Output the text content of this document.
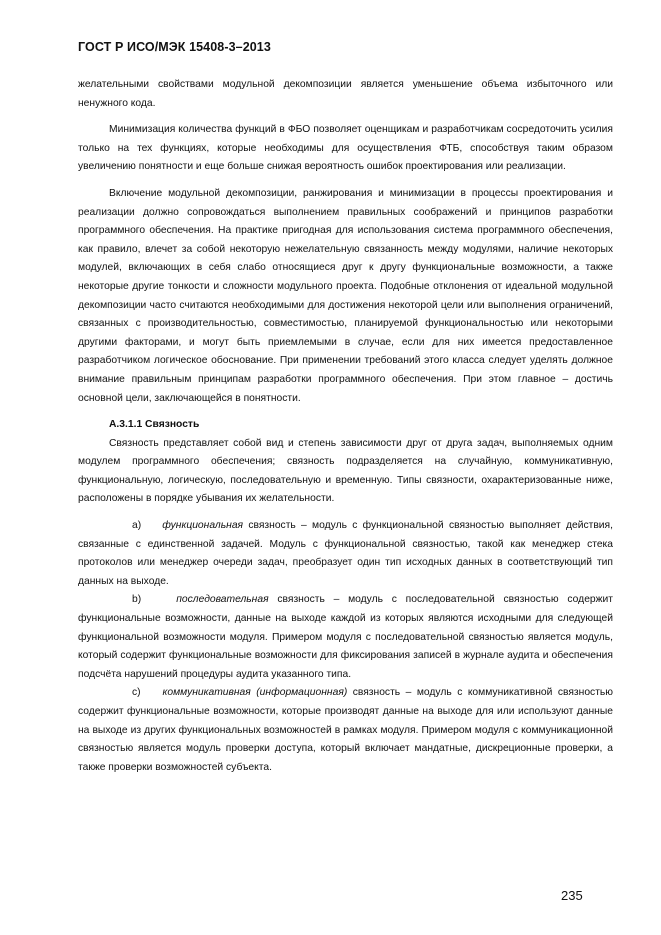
ГОСТ Р ИСО/МЭК 15408-3–2013

желательными свойствами модульной декомпозиции является уменьшение объема избыточного или ненужного кода.

Минимизация количества функций в ФБО позволяет оценщикам и разработчикам сосредоточить усилия только на тех функциях, которые необходимы для осуществления ФТБ, способствуя таким образом увеличению понятности и еще больше снижая вероятность ошибок проектирования или реализации.

Включение модульной декомпозиции, ранжирования и минимизации в процессы проектирования и реализации должно сопровождаться выполнением правильных соображений и принципов разработки программного обеспечения. На практике пригодная для использования система программного обеспечения, как правило, влечет за собой некоторую нежелательную связанность между модулями, наличие некоторых модулей, включающих в себя слабо относящиеся друг к другу функциональные возможности, а также некоторые другие тонкости и сложности модульного проекта. Подобные отклонения от идеальной модульной декомпозиции часто считаются необходимыми для достижения некоторой цели или выполнения ограничений, связанных с производительностью, совместимостью, планируемой функциональностью или некоторыми другими факторами, и могут быть приемлемыми в случае, если для них имеется предоставленное разработчиком логическое обоснование. При применении требований этого класса следует уделять должное внимание правильным принципам разработки программного обеспечения. При этом главное – достичь основной цели, заключающейся в понятности.

А.3.1.1 Связность

Связность представляет собой вид и степень зависимости друг от друга задач, выполняемых одним модулем программного обеспечения; связность подразделяется на случайную, коммуникативную, функциональную, логическую, последовательную и временную. Типы связности, охарактеризованные ниже, расположены в порядке убывания их желательности.

а) функциональная связность – модуль с функциональной связностью выполняет действия, связанные с единственной задачей. Модуль с функциональной связностью, такой как менеджер стека протоколов или менеджер очереди задач, преобразует один тип исходных данных в соответствующий тип данных на выходе.

b)	последовательная связность – модуль с последовательной связностью содержит функциональные возможности, данные на выходе каждой из которых являются исходными для следующей функциональной возможности модуля. Примером модуля с последовательной связностью является модуль, который содержит функциональные возможности для фиксирования записей в журнале аудита и обеспечения подсчёта нарушений процедуры аудита указанного типа.

c) коммуникативная (информационная) связность – модуль с коммуникативной связностью содержит функциональные возможности, которые производят данные на выходе для или используют данные на выходе из других функциональных возможностей в рамках модуля. Примером модуля с коммуникационной связностью является модуль проверки доступа, который включает мандатные, дискреционные проверки, а также проверки возможностей субъекта.

235
